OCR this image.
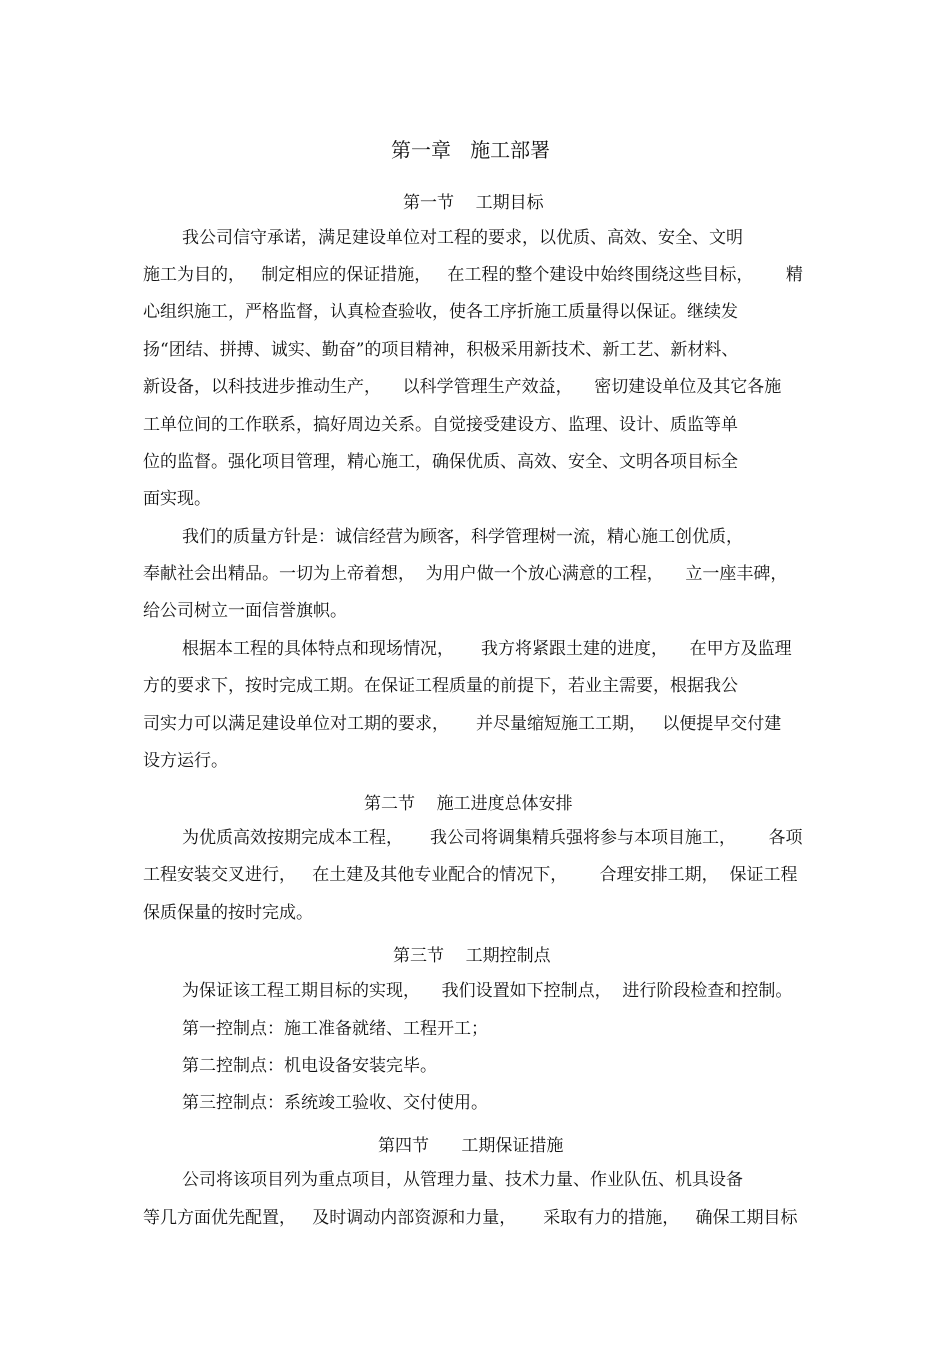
第一章   施工部署
第一节    工期目标
我公司信守承诺，满足建设单位对工程的要求，以优质、高效、安全、文明
施工为目的，   制定相应的保证措施，   在工程的整个建设中始终围绕这些目标，      精
心组织施工，严格监督，认真检查验收，使各工序折施工质量得以保证。继续发
扬“团结、拼搏、诚实、勤奋”的项目精神，积极采用新技术、新工艺、新材料、
新设备，以科技进步推动生产，    以科学管理生产效益，    密切建设单位及其它各施
工单位间的工作联系，搞好周边关系。自觉接受建设方、监理、设计、质监等单
位的监督。强化项目管理，精心施工，确保优质、高效、安全、文明各项目标全
面实现。
我们的质量方针是：诚信经营为顾客，科学管理树一流，精心施工创优质，
奉献社会出精品。一切为上帝着想，  为用户做一个放心满意的工程，    立一座丰碑，
给公司树立一面信誉旗帜。
根据本工程的具体特点和现场情况，     我方将紧跟土建的进度，    在甲方及监理
方的要求下，按时完成工期。在保证工程质量的前提下，若业主需要，根据我公
司实力可以满足建设单位对工期的要求，     并尽量缩短施工工期，   以便提早交付建
设方运行。
第二节    施工进度总体安排
为优质高效按期完成本工程，     我公司将调集精兵强将参与本项目施工，      各项
工程安装交叉进行，   在土建及其他专业配合的情况下，      合理安排工期，  保证工程
保质保量的按时完成。
第三节    工期控制点
为保证该工程工期目标的实现，    我们设置如下控制点，  进行阶段检查和控制。
第一控制点：施工准备就绪、工程开工；
第二控制点：机电设备安装完毕。
第三控制点：系统竣工验收、交付使用。
第四节      工期保证措施
公司将该项目列为重点项目，从管理力量、技术力量、作业队伍、机具设备
等几方面优先配置，   及时调动内部资源和力量，     采取有力的措施，   确保工期目标
